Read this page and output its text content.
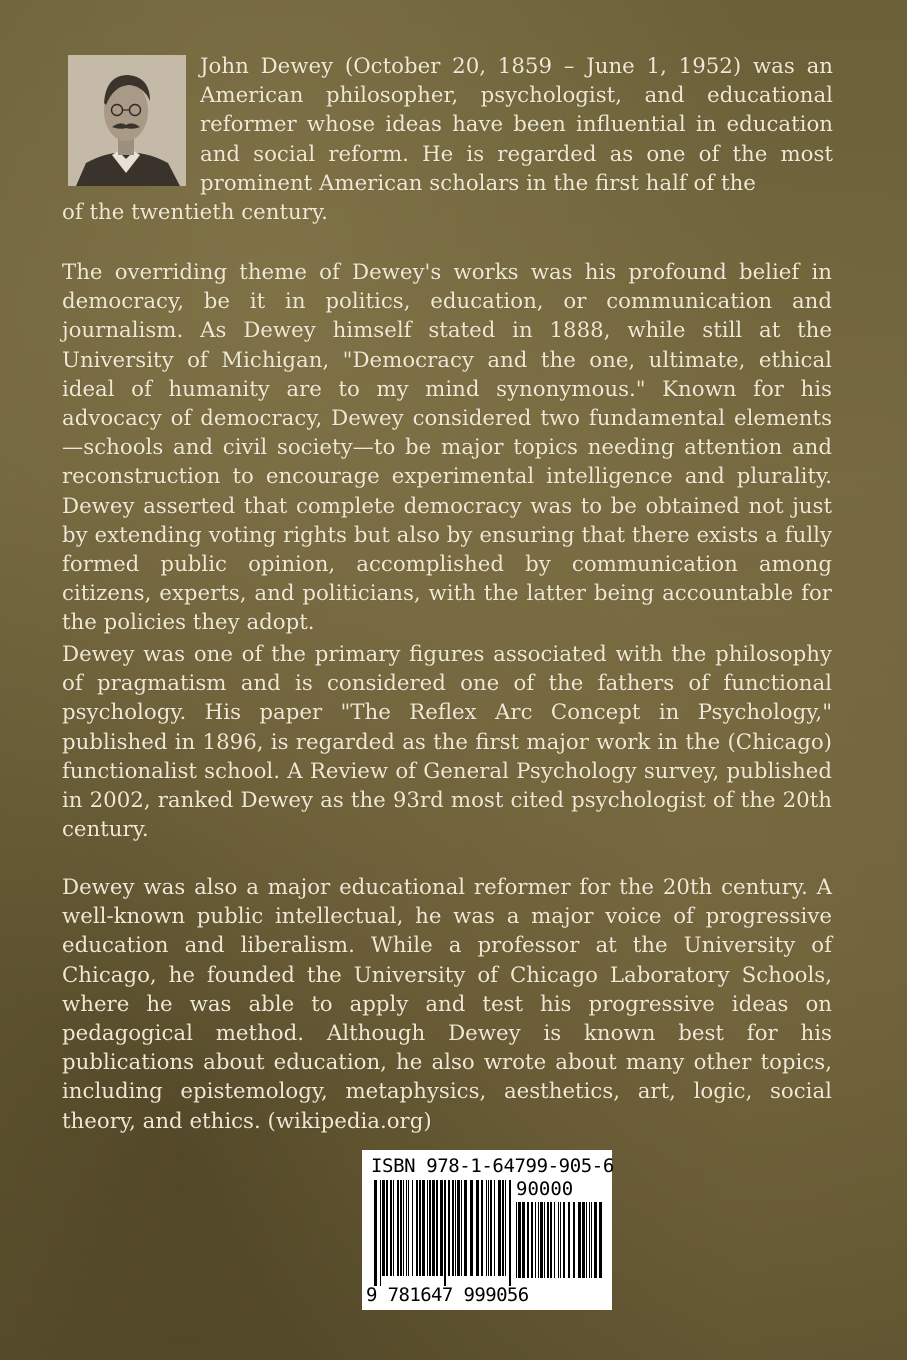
John Dewey (October 20, 1859 – June 1, 1952) was an American philosopher, psychologist, and educational reformer whose ideas have been influential in education and social reform. He is regarded as one of the most prominent American scholars in the first half of the
of the twentieth century.

The overriding theme of Dewey's works was his profound belief in democracy, be it in politics, education, or communication and journalism. As Dewey himself stated in 1888, while still at the University of Michigan, "Democracy and the one, ultimate, ethical ideal of humanity are to my mind synonymous." Known for his advocacy of democracy, Dewey considered two fundamental elements—schools and civil society—to be major topics needing attention and reconstruction to encourage experimental intelligence and plurality. Dewey asserted that complete democracy was to be obtained not just by extending voting rights but also by ensuring that there exists a fully formed public opinion, accomplished by communication among citizens, experts, and politicians, with the latter being accountable for the policies they adopt.

Dewey was one of the primary figures associated with the philosophy of pragmatism and is considered one of the fathers of functional psychology. His paper "The Reflex Arc Concept in Psychology," published in 1896, is regarded as the first major work in the (Chicago) functionalist school. A Review of General Psychology survey, published in 2002, ranked Dewey as the 93rd most cited psychologist of the 20th century.

Dewey was also a major educational reformer for the 20th century. A well-known public intellectual, he was a major voice of progressive education and liberalism. While a professor at the University of Chicago, he founded the University of Chicago Laboratory Schools, where he was able to apply and test his progressive ideas on pedagogical method. Although Dewey is known best for his publications about education, he also wrote about many other topics, including epistemology, metaphysics, aesthetics, art, logic, social theory, and ethics. (wikipedia.org)

ISBN 978-1-64799-905-6
90000
9 781647 999056
